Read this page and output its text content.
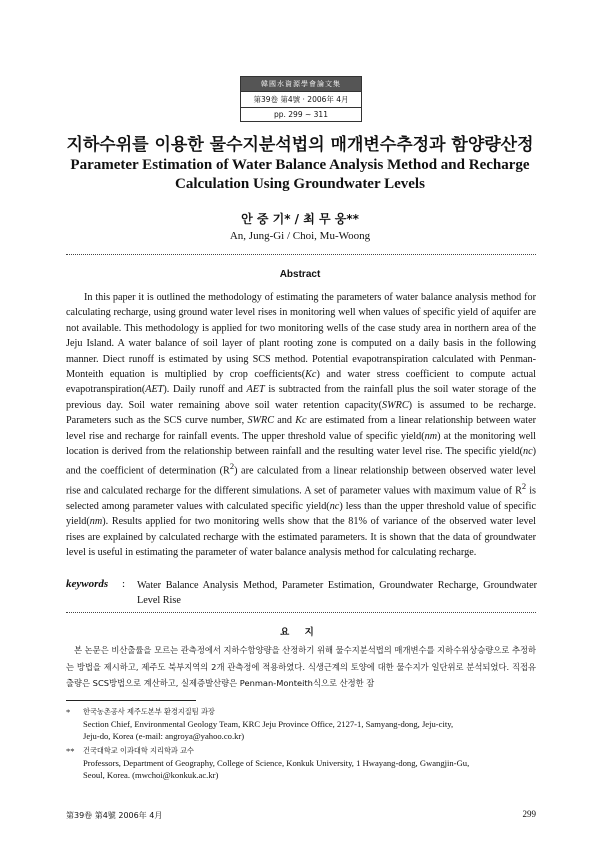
韓國水資源學會論文集
第39卷 第4號 · 2006年 4月
pp. 299 ~ 311
지하수위를 이용한 물수지분석법의 매개변수추정과 함양량산정
Parameter Estimation of Water Balance Analysis Method and Recharge Calculation Using Groundwater Levels
안 중 기* / 최 무 웅**
An, Jung-Gi / Choi, Mu-Woong
Abstract
In this paper it is outlined the methodology of estimating the parameters of water balance analysis method for calculating recharge, using ground water level rises in monitoring well when values of specific yield of aquifer are not available. This methodology is applied for two monitoring wells of the case study area in northern area of the Jeju Island. A water balance of soil layer of plant rooting zone is computed on a daily basis in the following manner. Diect runoff is estimated by using SCS method. Potential evapotranspiration calculated with Penman-Monteith equation is multiplied by crop coefficients(Kc) and water stress coefficient to compute actual evapotranspiration(AET). Daily runoff and AET is subtracted from the rainfall plus the soil water storage of the previous day. Soil water remaining above soil water retention capacity(SWRC) is assumed to be recharge. Parameters such as the SCS curve number, SWRC and Kc are estimated from a linear relationship between water level rise and recharge for rainfall events. The upper threshold value of specific yield(nm) at the monitoring well location is derived from the relationship between rainfall and the resulting water level rise. The specific yield(nc) and the coefficient of determination $(R^2)$ are calculated from a linear relationship between observed water level rise and calculated recharge for the different simulations. A set of parameter values with maximum value of $R^2$ is selected among parameter values with calculated specific yield(nc) less than the upper threshold value of specific yield(nm). Results applied for two monitoring wells show that the 81% of variance of the observed water level rises are explained by calculated recharge with the estimated parameters. It is shown that the data of groundwater level is useful in estimating the parameter of water balance analysis method for calculating recharge.
keywords : Water Balance Analysis Method, Parameter Estimation, Groundwater Recharge, Groundwater Level Rise
요 지
본 논문은 비산출률을 모르는 관측정에서 지하수함양량을 산정하기 위해 물수지분석법의 매개변수를 지하수위상승량으로 추정하는 방법을 제시하고, 제주도 북부지역의 2개 관측정에 적용하였다. 식생근계의 토양에 대한 물수지가 일단위로 분석되었다. 직접유출량은 SCS방법으로 계산하고, 실제증발산량은 Penman-Monteith식으로 산정한 잠
*	한국농촌공사 제주도본부 환경지질팀 과장
Section Chief, Environmental Geology Team, KRC Jeju Province Office, 2127-1, Samyang-dong, Jeju-city,
Jeju-do, Korea (e-mail: angroya@yahoo.co.kr)
**	건국대학교 이과대학 지리학과 교수
Professors, Department of Geography, College of Science, Konkuk University, 1 Hwayang-dong, Gwangjin-Gu,
Seoul, Korea. (mwchoi@konkuk.ac.kr)
第39卷 第4號 2006年 4月	299
